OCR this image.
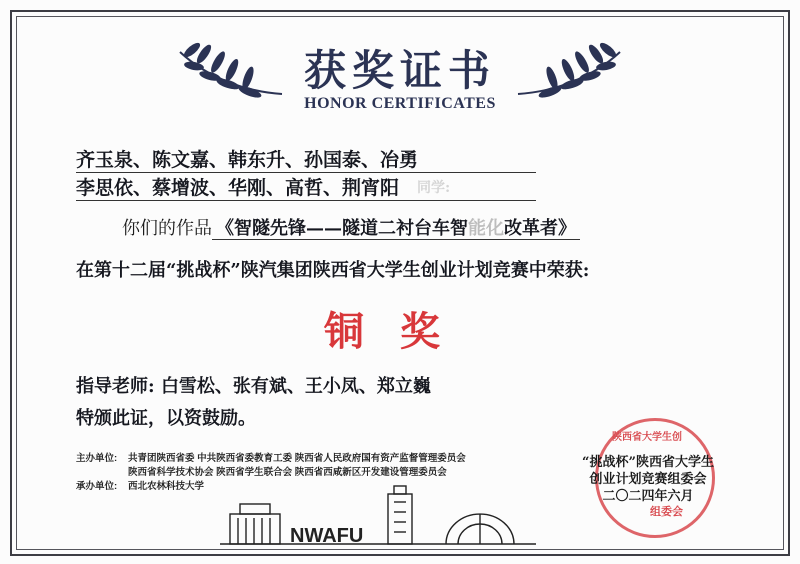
获奖证书
HONOR CERTIFICATES
齐玉泉、陈文嘉、韩东升、孙国泰、冶勇
李思依、蔡增波、华刚、高哲、荆宵阳 同学:
你们的作品 《智隧先锋——隧道二衬台车智能化改革者》
在第十二届“挑战杯”陕汽集团陕西省大学生创业计划竞赛中荣获:
铜奖
指导老师: 白雪松、张有斌、王小凤、郑立巍
特颁此证，以资鼓励。
主办单位: 共青团陕西省委 中共陕西省委教育工委 陕西省人民政府国有资产监督管理委员会
陕西省科学技术协会 陕西省学生联合会 陕西省西咸新区开发建设管理委员会
承办单位: 西北农林科技大学
NWAFU
陕西省大学生创
“挑战杯”陕西省大学生
创业计划竞赛组委会
二〇二四年六月
组委会
